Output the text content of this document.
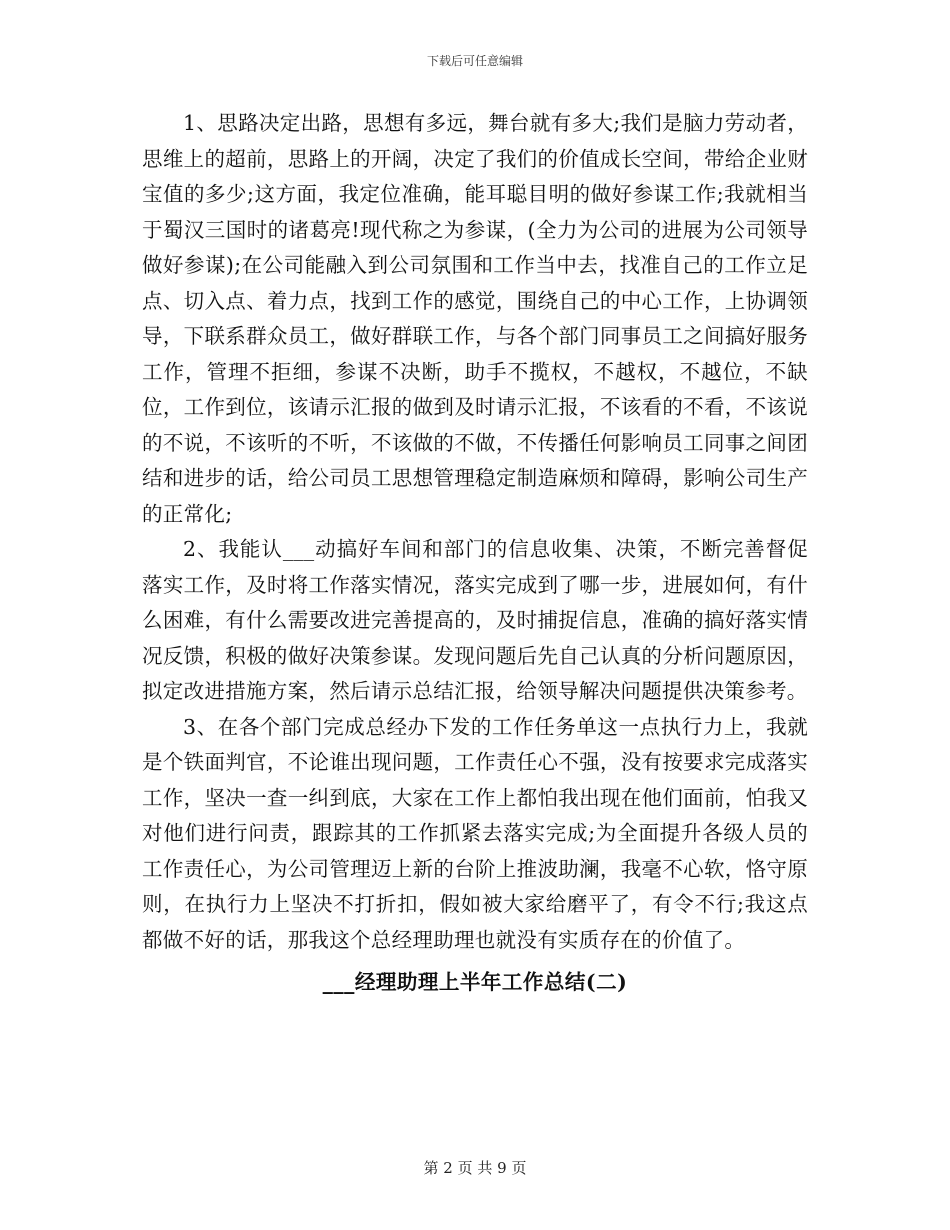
下载后可任意编辑

1、思路决定出路，思想有多远，舞台就有多大;我们是脑力劳动者，思维上的超前，思路上的开阔，决定了我们的价值成长空间，带给企业财宝值的多少;这方面，我定位准确，能耳聪目明的做好参谋工作;我就相当于蜀汉三国时的诸葛亮!现代称之为参谋，(全力为公司的进展为公司领导做好参谋);在公司能融入到公司氛围和工作当中去，找准自己的工作立足点、切入点、着力点，找到工作的感觉，围绕自己的中心工作，上协调领导，下联系群众员工，做好群联工作，与各个部门同事员工之间搞好服务工作，管理不拒细，参谋不决断，助手不揽权，不越权，不越位，不缺位，工作到位，该请示汇报的做到及时请示汇报，不该看的不看，不该说的不说，不该听的不听，不该做的不做，不传播任何影响员工同事之间团结和进步的话，给公司员工思想管理稳定制造麻烦和障碍，影响公司生产的正常化;

2、我能认___动搞好车间和部门的信息收集、决策，不断完善督促落实工作，及时将工作落实情况，落实完成到了哪一步，进展如何，有什么困难，有什么需要改进完善提高的，及时捕捉信息，准确的搞好落实情况反馈，积极的做好决策参谋。发现问题后先自己认真的分析问题原因，拟定改进措施方案，然后请示总结汇报，给领导解决问题提供决策参考。

3、在各个部门完成总经办下发的工作任务单这一点执行力上，我就是个铁面判官，不论谁出现问题，工作责任心不强，没有按要求完成落实工作，坚决一查一纠到底，大家在工作上都怕我出现在他们面前，怕我又对他们进行问责，跟踪其的工作抓紧去落实完成;为全面提升各级人员的工作责任心，为公司管理迈上新的台阶上推波助澜，我毫不心软，恪守原则，在执行力上坚决不打折扣，假如被大家给磨平了，有令不行;我这点都做不好的话，那我这个总经理助理也就没有实质存在的价值了。

___经理助理上半年工作总结(二)
第 2 页 共 9 页
